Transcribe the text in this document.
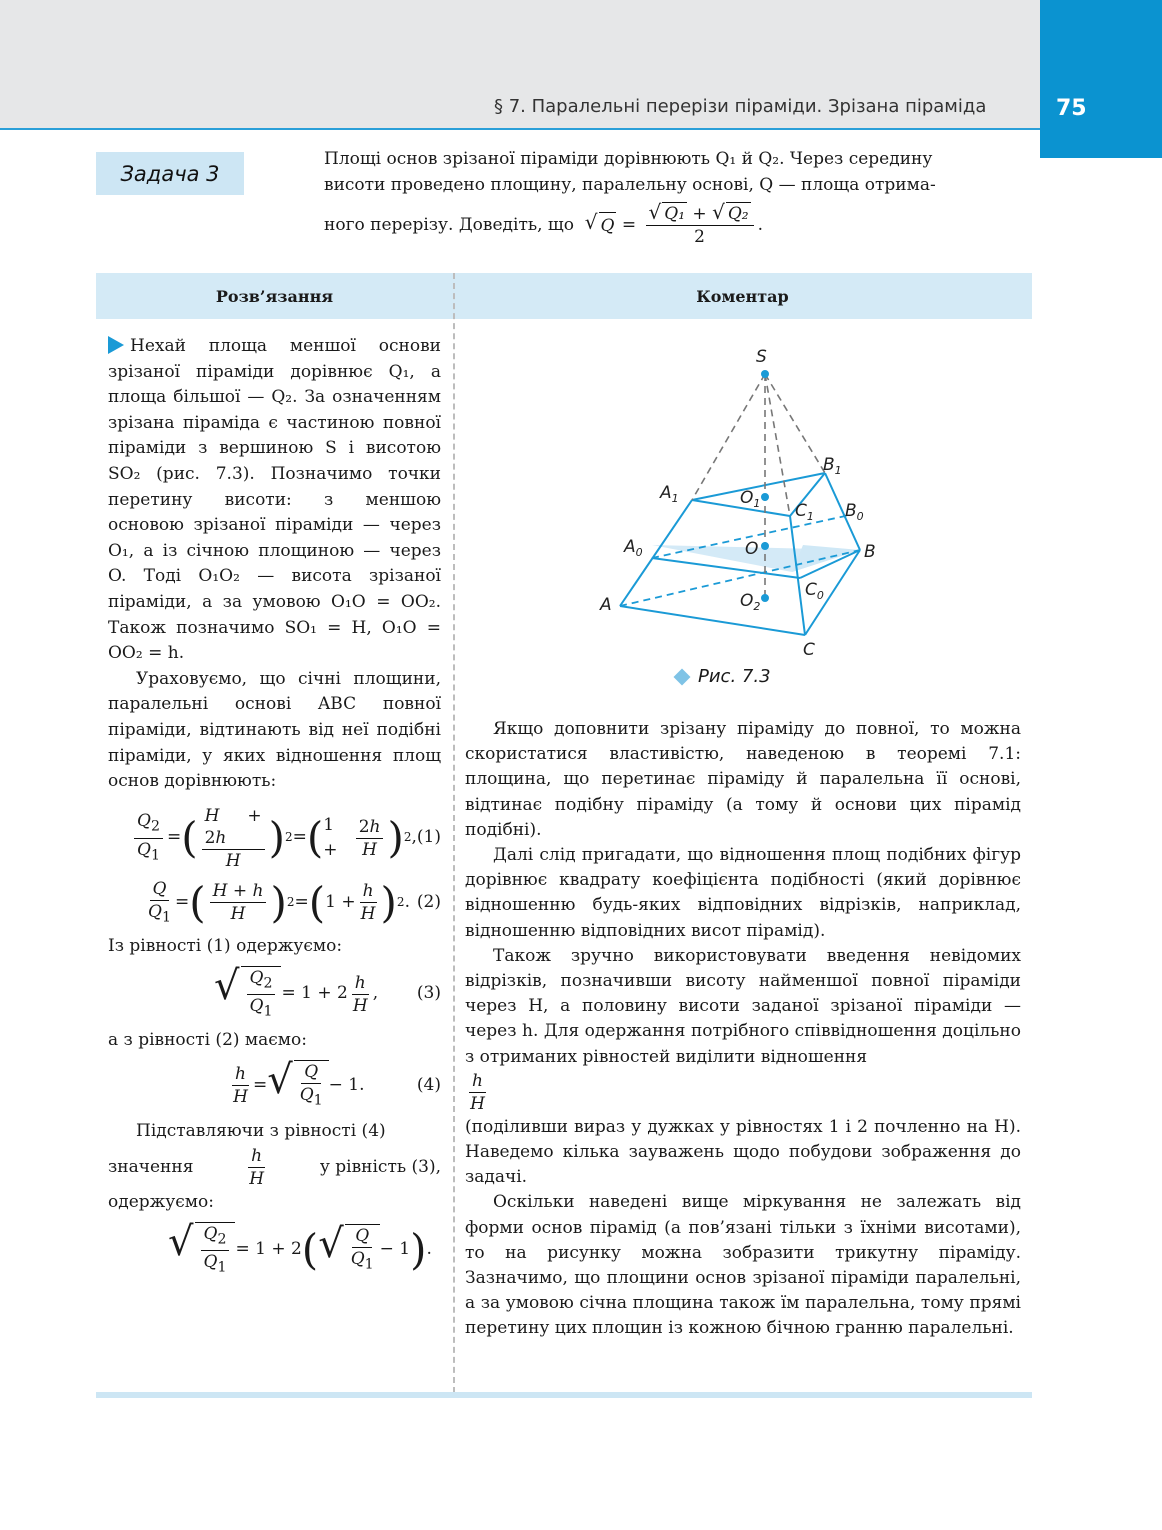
§ 7. Паралельні перерізи піраміди. Зрізана піраміда	75
Задача 3
Площі основ зрізаної піраміди дорівнюють Q₁ й Q₂. Через середину
висоти проведено площину, паралельну основі, Q — площа отрима-
ного перерізу. Доведіть, що
√ $Q = \frac{\text{√ Q₁ + √ Q₂}}{2}$ .
Розв’язання	Коментар

Нехай площа меншої основи зрізаної піраміди дорівнює Q₁, а площа більшої — Q₂. За означенням зрізана піраміда є частиною повної піраміди з вершиною S і висотою SO₂ (рис. 7.3). Позначимо точки перетину висоти: з меншою основою зрізаної піраміди — через O₁, а із січною площиною — через O. Тоді O₁O₂ — висота зрізаної піраміди, а за умовою O₁O = OO₂. Також позначимо SO₁ = H, O₁O = OO₂ = h.

Ураховуємо, що січні площини, паралельні основі ABC повної піраміди, відтинають від неї подібні піраміди, у яких відношення площ основ дорівнюють:

$\frac{Q_2}{Q_1}$ = ( $\frac{H + 2h}{H}$ ) 2 = ( $1 + \frac{2h}{H}$ ) 2 , (1)
$\frac{Q}{Q_1}$ = ( $\frac{H + h}{H}$ ) 2 = ( $1 + \frac{h}{H}$ ) 2 . (2)

Із рівності (1) одержуємо:

√ $\frac{Q_2}{Q_1} = 1 + 2 \frac{h}{H}$ , (3)

а з рівності (2) маємо:

$\frac{h}{H}$ = √ $\frac{Q}{Q_1} - 1$.	(4)

Підставляючи з рівності (4)

значення	$\frac{h}{H}$	у рівність (3),

одержуємо:

√ $\frac{Q_2}{Q_1} = 1 + 2$ ( √ $\frac{Q}{Q_1} - 1$ ) .
S
$A_1$	$O_1$
$B_1$
$C_1$ $B_0$
$A_0$	O	B
A
$C_0$
$O_2$
C
Рис. 7.3

Якщо доповнити зрізану піраміду до повної, то можна скористатися властивістю, наведеною в теоремі 7.1: площина, що перетинає піраміду й паралельна її основі, відтинає подібну піраміду (а тому й основи цих пірамід подібні).

Далі слід пригадати, що відношення площ подібних фігур дорівнює квадрату коефіцієнта подібності (який дорівнює відношенню будь-яких відповідних відрізків, наприклад, відношенню відповідних висот пірамід).

Також зручно використовувати введення невідомих відрізків, позначивши висоту найменшої повної піраміди через H, а половину висоти заданої зрізаної піраміди — через h. Для одержання потрібного співвідношення доцільно з отриманих рівностей виділити відношення

$\frac{h}{H}$

(поділивши вираз у дужках у рівностях 1 і 2 почленно на H). Наведемо кілька зауважень щодо побудови зображення до задачі.

Оскільки наведені вище міркування не залежать від форми основ пірамід (а пов’язані тільки з їхніми висотами), то на рисунку можна зобразити трикутну піраміду. Зазначимо, що площини основ зрізаної піраміди паралельні, а за умовою січна площина також їм паралельна, тому прямі перетину цих площин із кожною бічною гранню паралельні.
